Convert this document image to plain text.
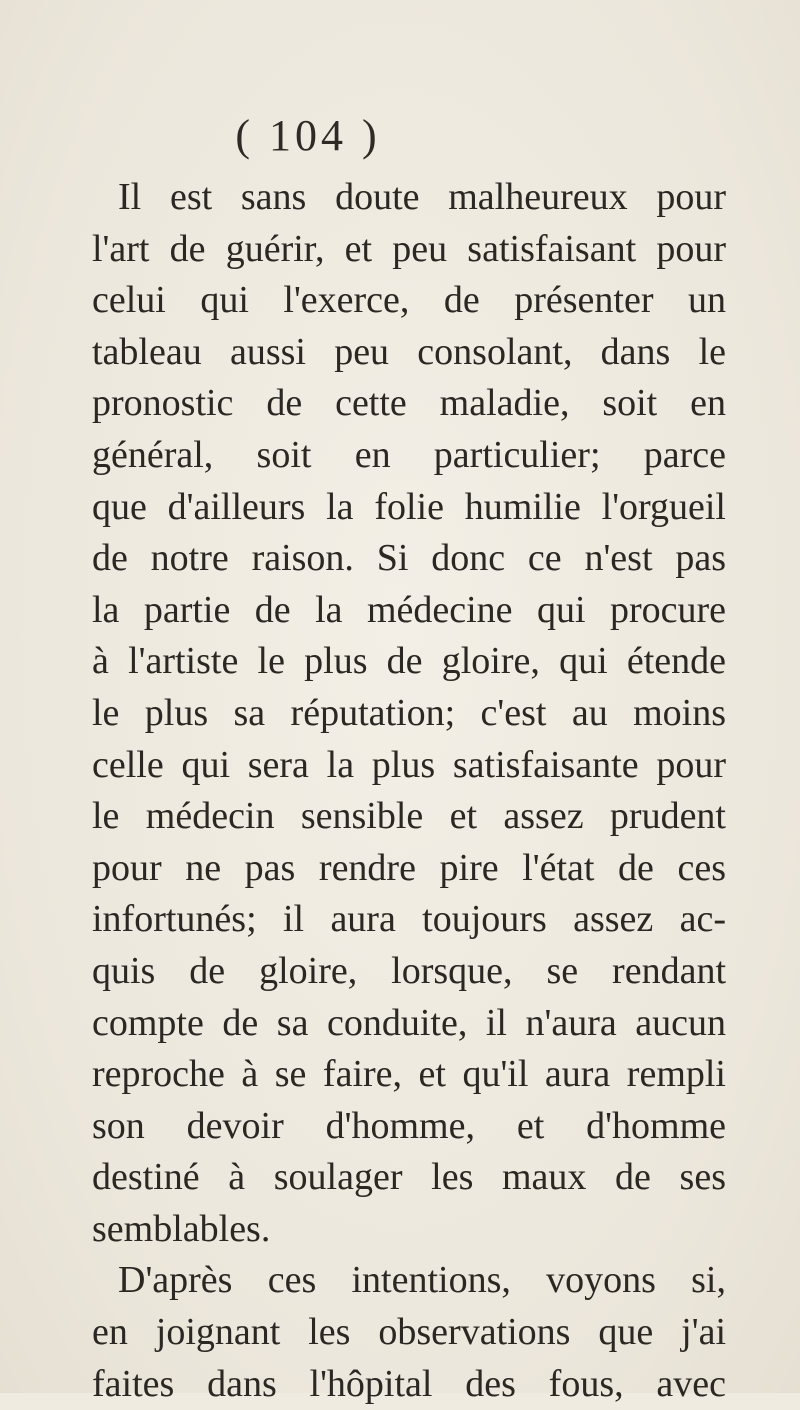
( 104 )
Il est sans doute malheureux pour
l'art de guérir, et peu satisfaisant pour
celui qui l'exerce, de présenter un
tableau aussi peu consolant, dans le
pronostic de cette maladie, soit en
général, soit en particulier; parce
que d'ailleurs la folie humilie l'orgueil
de notre raison. Si donc ce n'est pas
la partie de la médecine qui procure
à l'artiste le plus de gloire, qui étende
le plus sa réputation; c'est au moins
celle qui sera la plus satisfaisante pour
le médecin sensible et assez prudent
pour ne pas rendre pire l'état de ces
infortunés; il aura toujours assez ac-
quis de gloire, lorsque, se rendant
compte de sa conduite, il n'aura aucun
reproche à se faire, et qu'il aura rempli
son devoir d'homme, et d'homme
destiné à soulager les maux de ses
semblables.
D'après ces intentions, voyons si,
en joignant les observations que j'ai
faites dans l'hôpital des fous, avec
